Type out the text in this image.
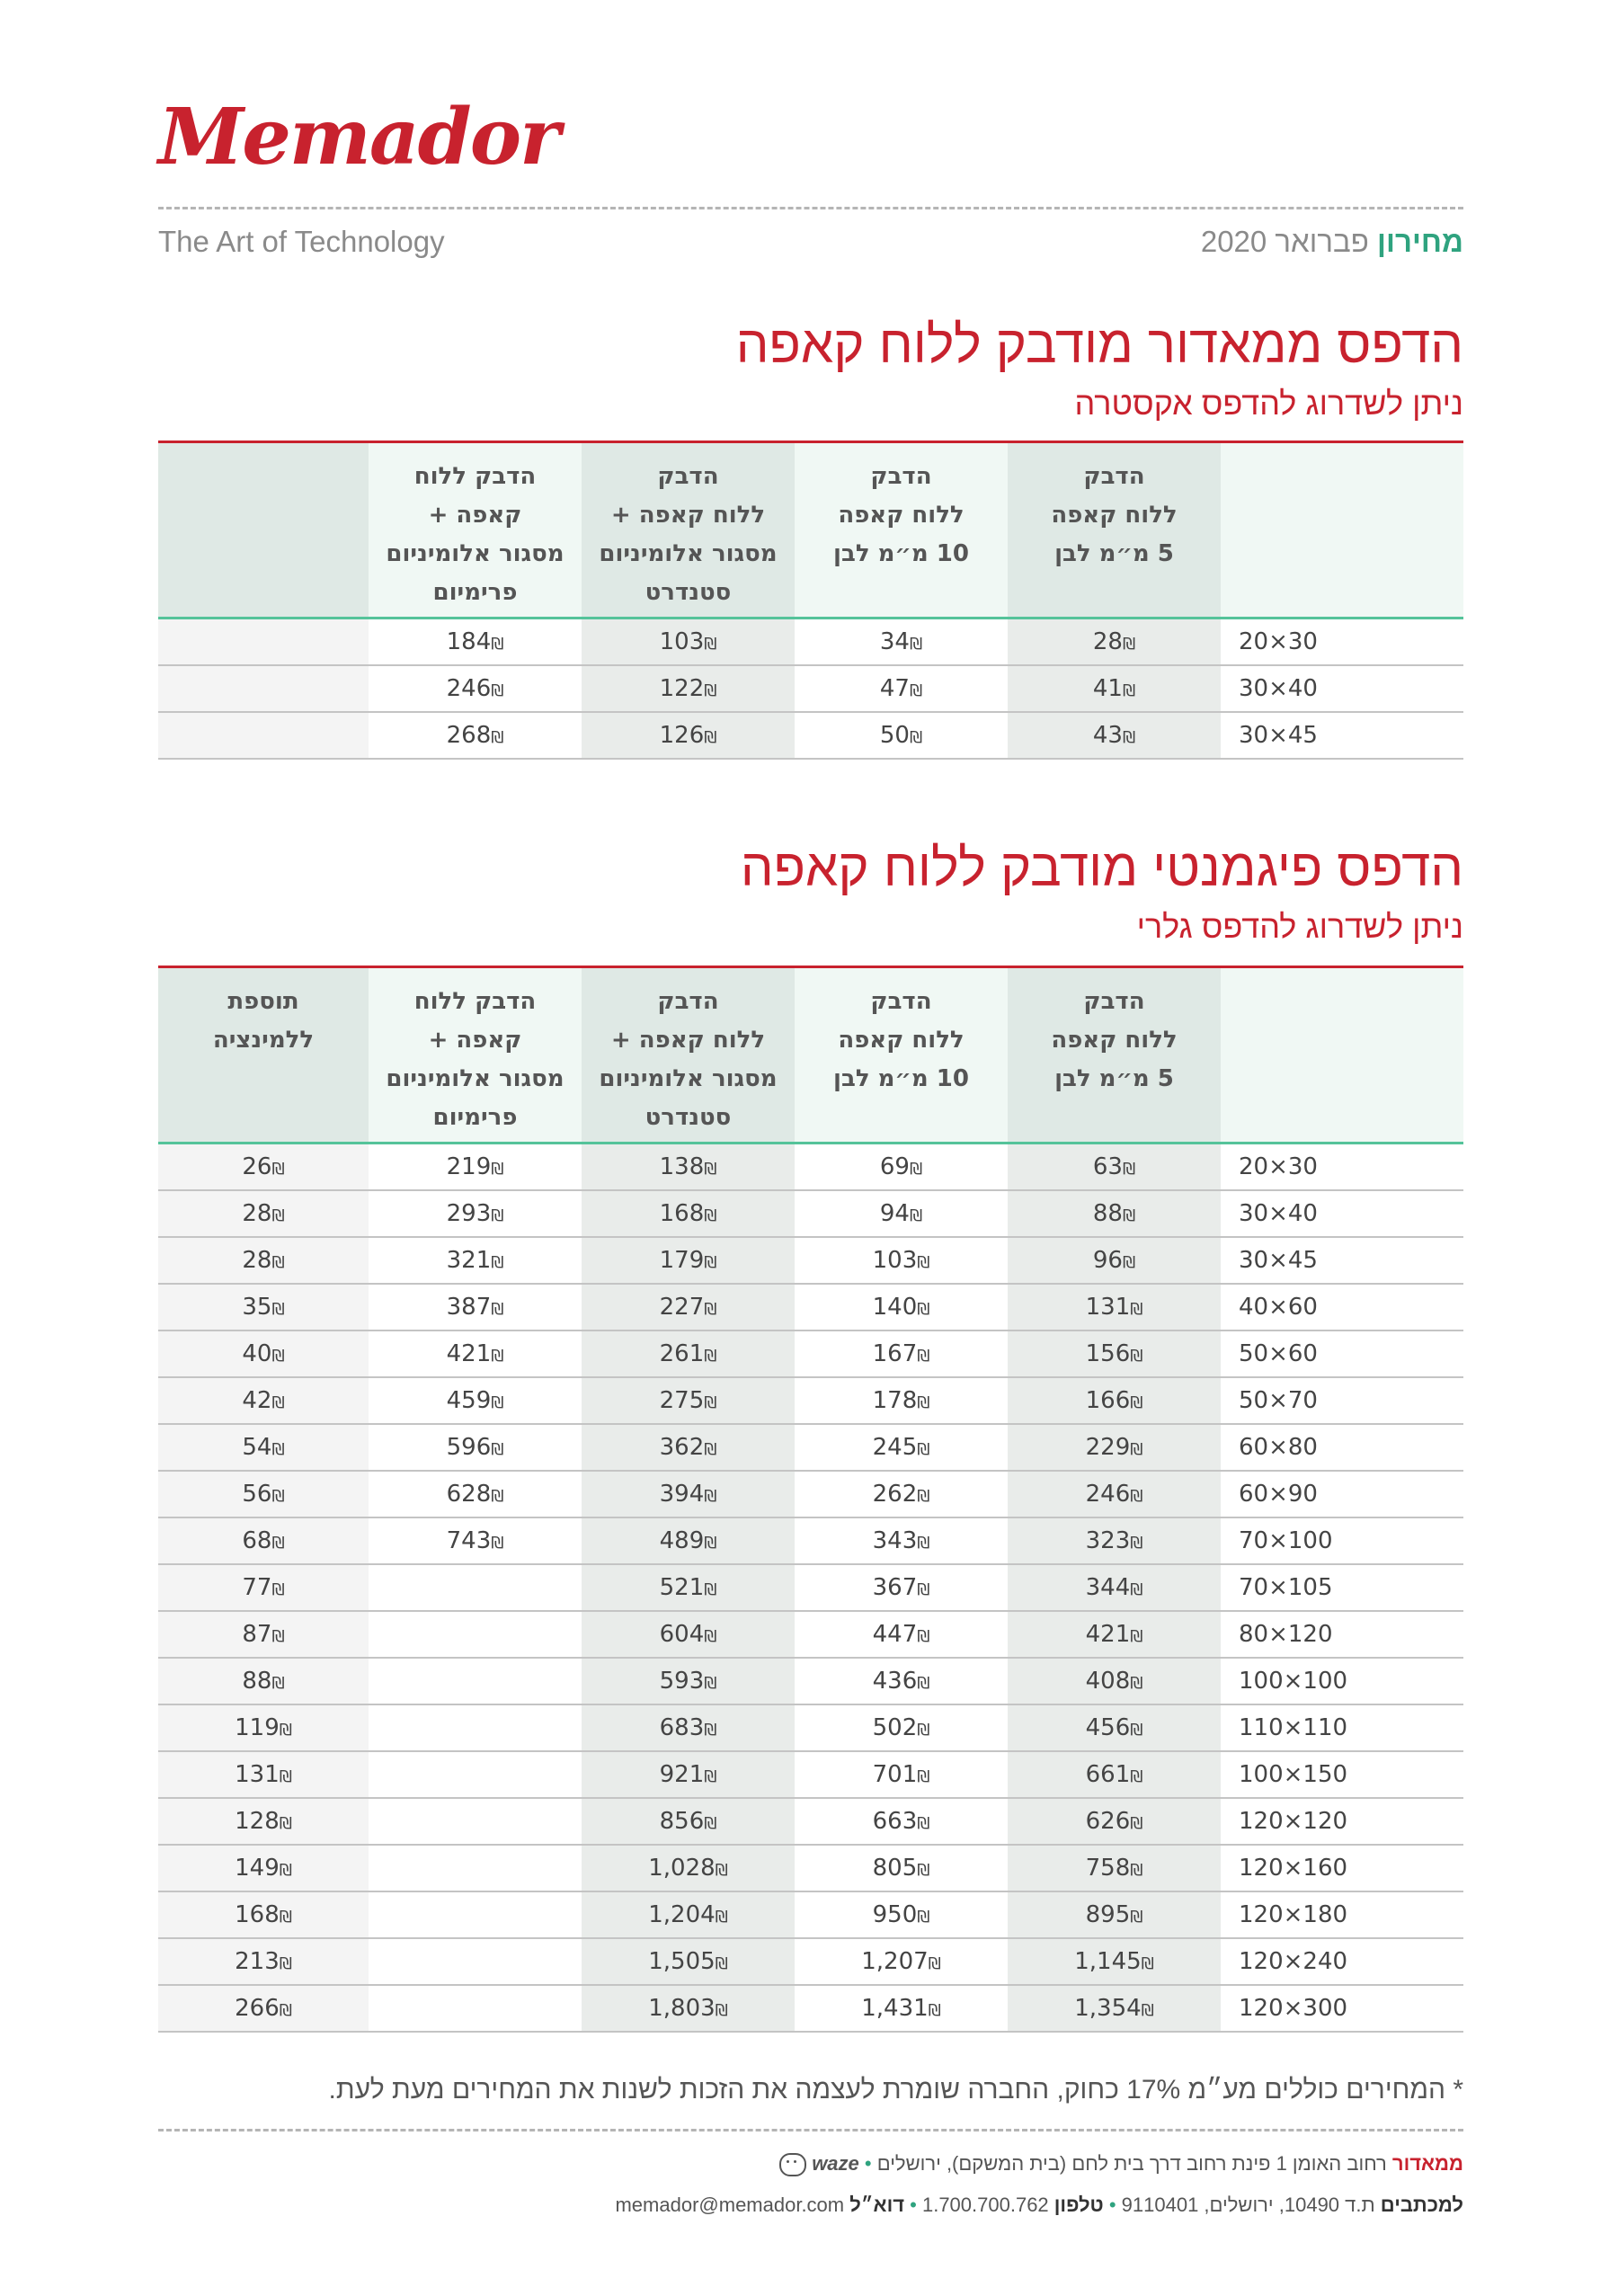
Memador
The Art of Technology	מחירון פברואר 2020
הדפס ממאדור מודבק ללוח קאפה
ניתן לשדרוג להדפס אקסטרה
	הדבק
ללוח קאפה
5 מ״מ לבן	הדבק
ללוח קאפה
10 מ״מ לבן	הדבק
ללוח קאפה +
מסגור אלומיניום
סטנדרט	הדבק ללוח
קאפה +
מסגור אלומיניום
פרימיום	
20×30	28₪	34₪	103₪	184₪	
30×40	41₪	47₪	122₪	246₪	
30×45	43₪	50₪	126₪	268₪	
הדפס פיגמנטי מודבק ללוח קאפה
ניתן לשדרוג להדפס גלרי
	הדבק
ללוח קאפה
5 מ״מ לבן	הדבק
ללוח קאפה
10 מ״מ לבן	הדבק
ללוח קאפה +
מסגור אלומיניום
סטנדרט	הדבק ללוח
קאפה +
מסגור אלומיניום
פרימיום	תוספת
ללמינציה
20×30	63₪	69₪	138₪	219₪	26₪
30×40	88₪	94₪	168₪	293₪	28₪
30×45	96₪	103₪	179₪	321₪	28₪
40×60	131₪	140₪	227₪	387₪	35₪
50×60	156₪	167₪	261₪	421₪	40₪
50×70	166₪	178₪	275₪	459₪	42₪
60×80	229₪	245₪	362₪	596₪	54₪
60×90	246₪	262₪	394₪	628₪	56₪
70×100	323₪	343₪	489₪	743₪	68₪
70×105	344₪	367₪	521₪		77₪
80×120	421₪	447₪	604₪		87₪
100×100	408₪	436₪	593₪		88₪
110×110	456₪	502₪	683₪		119₪
100×150	661₪	701₪	921₪		131₪
120×120	626₪	663₪	856₪		128₪
120×160	758₪	805₪	1,028₪		149₪
120×180	895₪	950₪	1,204₪		168₪
120×240	1,145₪	1,207₪	1,505₪		213₪
120×300	1,354₪	1,431₪	1,803₪		266₪
* המחירים כוללים מע״מ 17% כחוק, החברה שומרת לעצמה את הזכות לשנות את המחירים מעת לעת.
ממאדור רחוב האומן 1 פינת רחוב דרך בית לחם (בית המשקם), ירושלים • waze
למכתבים ת.ד 10490, ירושלים, 9110401 • טלפון 1.700.700.762 • דוא״ל memador@memador.com
